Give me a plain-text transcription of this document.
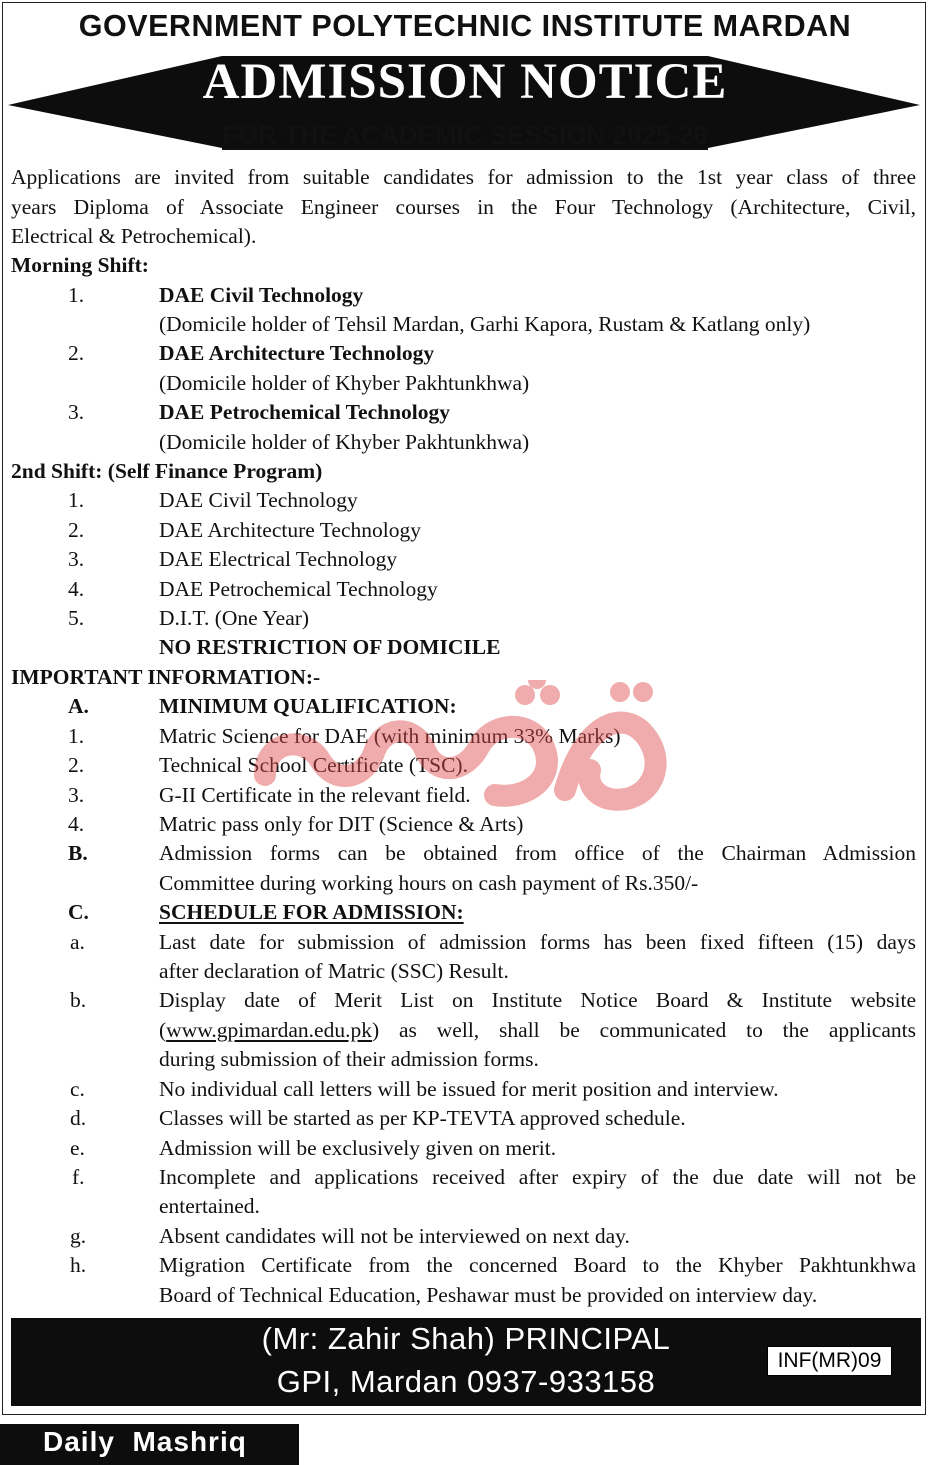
GOVERNMENT POLYTECHNIC INSTITUTE MARDAN
ADMISSION NOTICE
FOR THE ACADEMIC SESSION 2025-26
Applications are invited from suitable candidates for admission to the 1st year class of three
years Diploma of Associate Engineer courses in the Four Technology (Architecture, Civil,
Electrical & Petrochemical).
Morning Shift:
1.	DAE Civil Technology
(Domicile holder of Tehsil Mardan, Garhi Kapora, Rustam & Katlang only)
2.	DAE Architecture Technology
(Domicile holder of Khyber Pakhtunkhwa)
3.	DAE Petrochemical Technology
(Domicile holder of Khyber Pakhtunkhwa)
2nd Shift: (Self Finance Program)
1.	DAE Civil Technology
2.	DAE Architecture Technology
3.	DAE Electrical Technology
4.	DAE Petrochemical Technology
5.	D.I.T. (One Year)
NO RESTRICTION OF DOMICILE
IMPORTANT INFORMATION:-
A.	MINIMUM QUALIFICATION:
1.	Matric Science for DAE (with minimum 33% Marks)
2.	Technical School Certificate (TSC).
3.	G-II Certificate in the relevant field.
4.	Matric pass only for DIT (Science & Arts)
B.	Admission forms can be obtained from office of the Chairman Admission
Committee during working hours on cash payment of Rs.350/-
C.	SCHEDULE FOR ADMISSION:
a.	Last date for submission of admission forms has been fixed fifteen (15) days
after declaration of Matric (SSC) Result.
b.	Display date of Merit List on Institute Notice Board & Institute website
( www.gpimardan.edu.pk ) as well, shall be communicated to the applicants
during submission of their admission forms.
c.	No individual call letters will be issued for merit position and interview.
d.	Classes will be started as per KP-TEVTA approved schedule.
e.	Admission will be exclusively given on merit.
f.	Incomplete and applications received after expiry of the due date will not be
entertained.
g.	Absent candidates will not be interviewed on next day.
h.	Migration Certificate from the concerned Board to the Khyber Pakhtunkhwa
Board of Technical Education, Peshawar must be provided on interview day.
(Mr: Zahir Shah) PRINCIPAL
GPI, Mardan 0937-933158
INF(MR)09
Daily  Mashriq
